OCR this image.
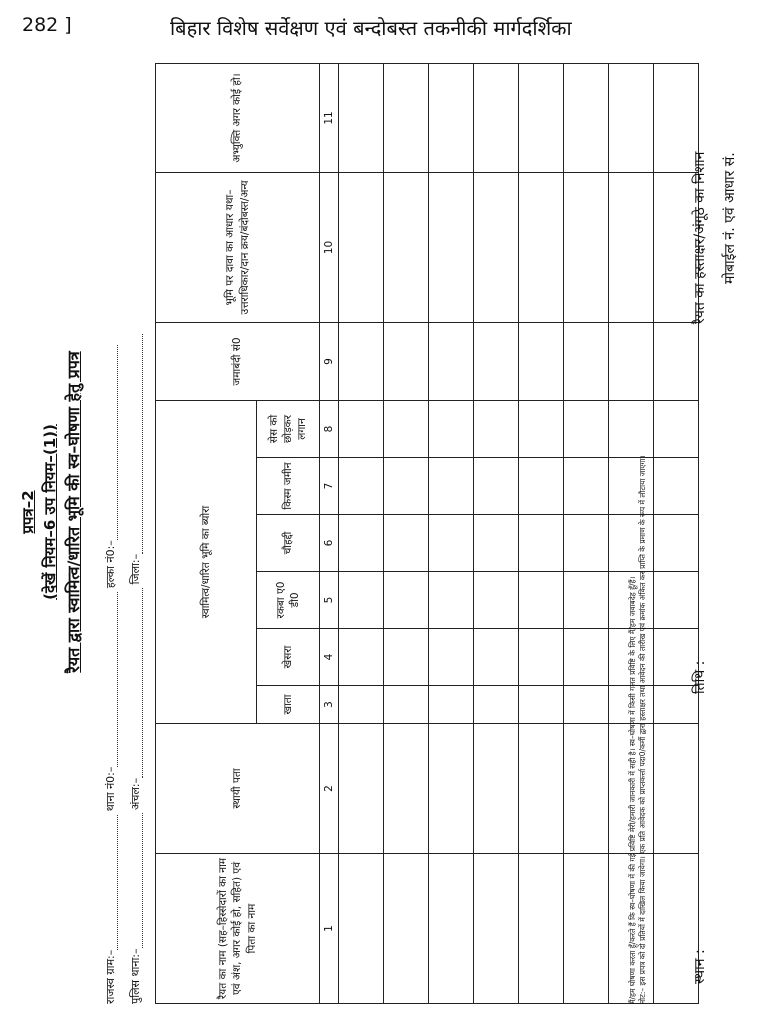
282 ]	बिहार विशेष सर्वेक्षण एवं बन्दोबस्त तकनीकी मार्गदर्शिका
प्रपत्र–2 (देखें नियम–6 उप नियम–(1)) रैयत द्वारा स्वामित्व/धारित भूमि की स्व–घोषणा हेतु प्रपत्र
राजस्व ग्राम:– थाना नं0:– हल्का नं0:–
पुलिस थाना:– अंचल:– जिला:–
रैयत का नाम (सह–हिस्सेदारों का नाम एवं अंश, अगर कोई हो, सहित) एवं पिता का नाम	स्थायी पता	स्वामित्व/धारित भूमि का ब्योरा						जमाबंदी सं0	भूमि पर दावा का आधार यथा–उत्तराधिकार/दान क्रय/बंदोबस्त/अन्य	अभ्युक्ति अगर कोई हो।
		खाता	खेसरा	रकबा ए0 डी0	चौहद्दी	किस्म जमीन	सेस को छोड़कर लगान			
1	2	3	4	5	6	7	8	9	10	11

मैं/हम घोषणा करता हूँ/करते हैं कि स्व–घोषणा में की गई प्रविष्टि मेरी/हमारी जानकारी में सही है। स्व–घोषणा में किसी गलत प्रविष्टि के लिए मैं/हम जवाबदेह हूँ/हैं। नोट:– इस प्रपत्र को दो प्रतियों में दाखिल किया जायेगा। एक प्रति आवेदक को प्राप्तकर्त्ता पदा0/कर्मी द्वारा हस्ताक्षर तथा आवेदन की तारीख एवं क्रमांक अंकित कर प्राप्ति के प्रमाण के रूप में लौटाया जाएगा।	स्थान :
तिथि :
रैयत का हस्ताक्षर/अंगूठे का निशान मोबाईल नं. एवं आधार सं.
